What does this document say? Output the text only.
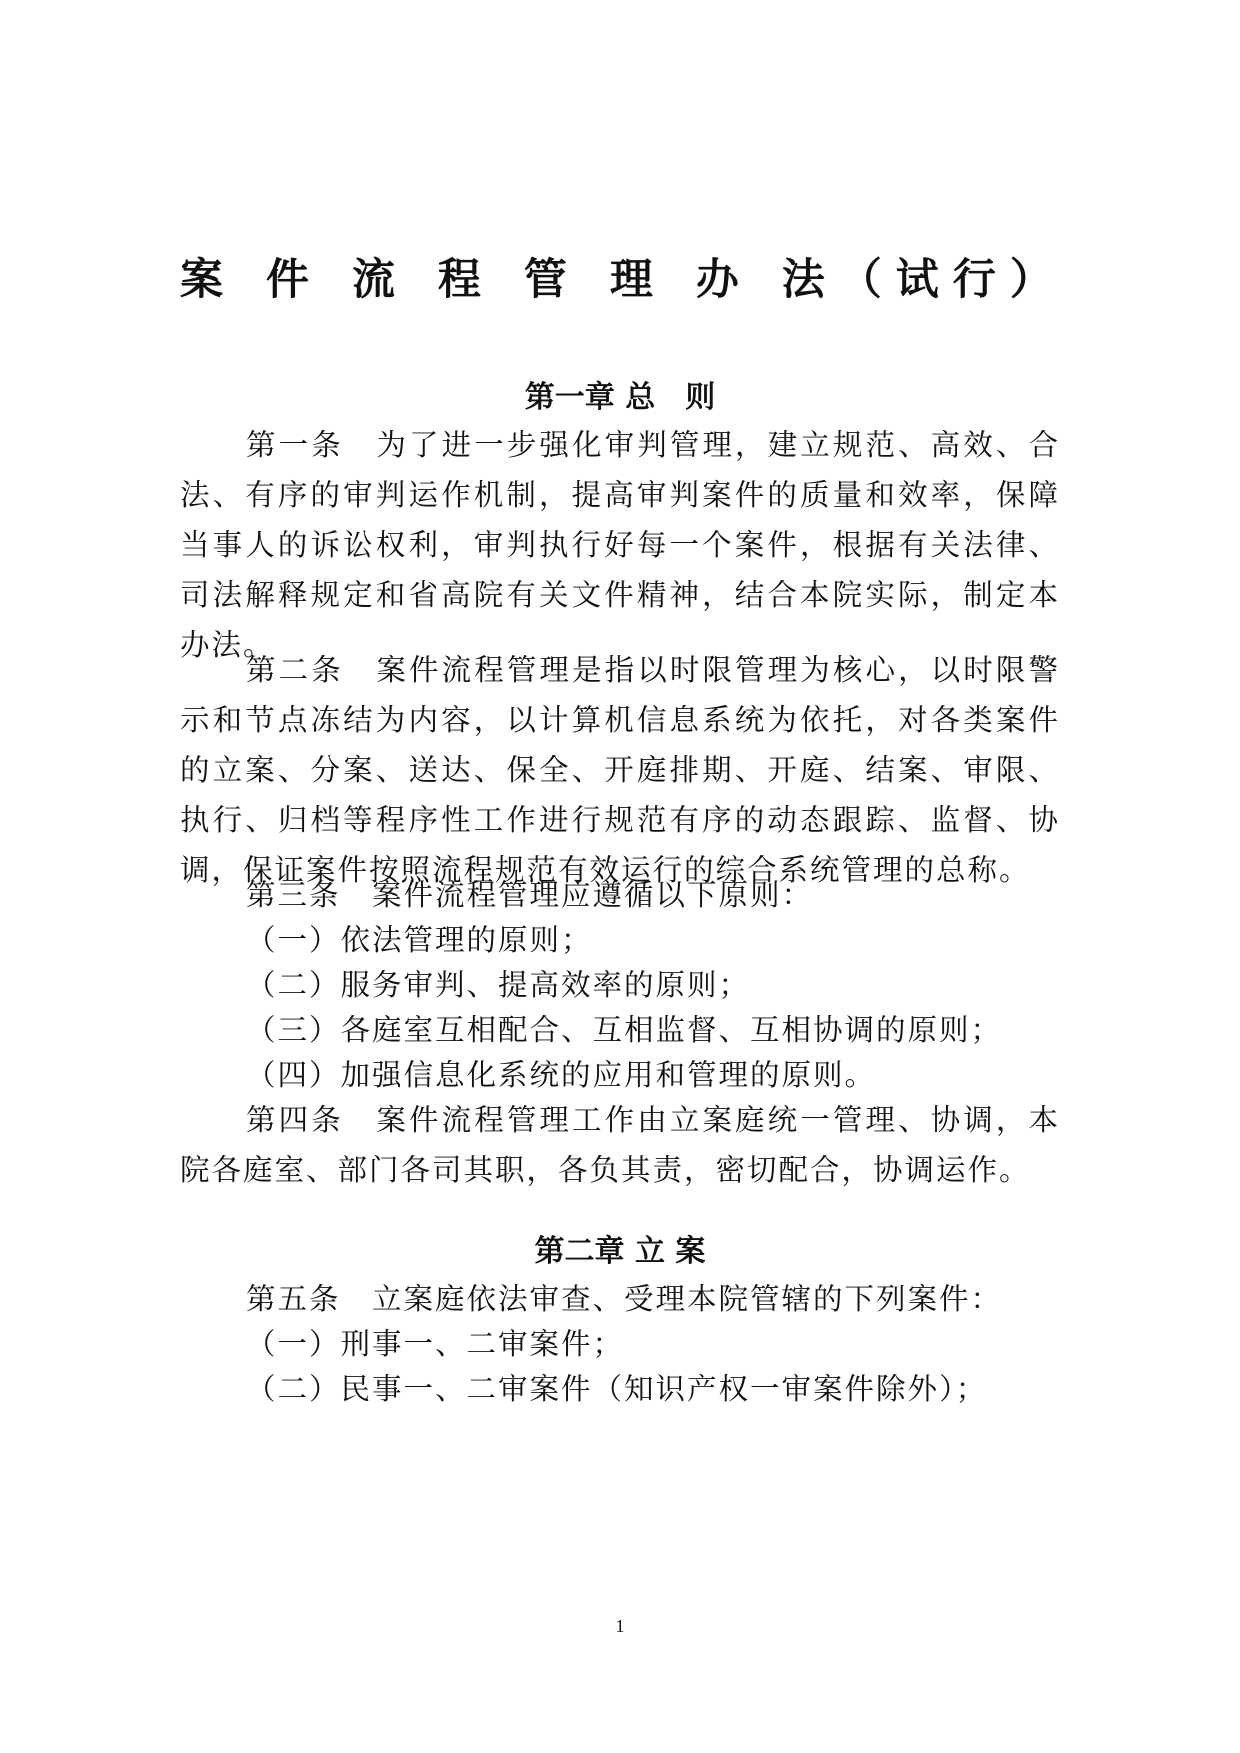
案 件 流 程 管 理 办 法（试行）
第一章 总　则

第一条　为了进一步强化审判管理，建立规范、高效、合法、有序的审判运作机制，提高审判案件的质量和效率，保障当事人的诉讼权利，审判执行好每一个案件，根据有关法律、司法解释规定和省高院有关文件精神，结合本院实际，制定本办法。

第二条　案件流程管理是指以时限管理为核心，以时限警示和节点冻结为内容，以计算机信息系统为依托，对各类案件的立案、分案、送达、保全、开庭排期、开庭、结案、审限、执行、归档等程序性工作进行规范有序的动态跟踪、监督、协调，保证案件按照流程规范有效运行的综合系统管理的总称。

第三条　案件流程管理应遵循以下原则：

（一）依法管理的原则；

（二）服务审判、提高效率的原则；

（三）各庭室互相配合、互相监督、互相协调的原则；

（四）加强信息化系统的应用和管理的原则。

第四条　案件流程管理工作由立案庭统一管理、协调，本院各庭室、部门各司其职，各负其责，密切配合，协调运作。

第二章 立 案

第五条　立案庭依法审查、受理本院管辖的下列案件：

（一）刑事一、二审案件；

（二）民事一、二审案件（知识产权一审案件除外）；

1
